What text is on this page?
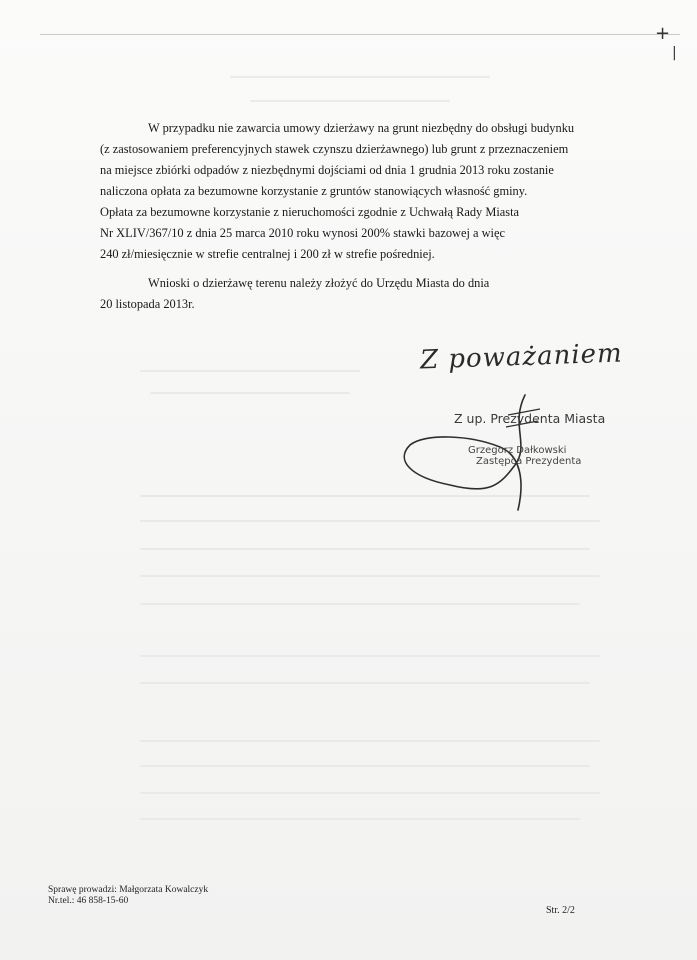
+
|
W przypadku nie zawarcia umowy dzierżawy na grunt niezbędny do obsługi budynku
(z zastosowaniem preferencyjnych stawek czynszu dzierżawnego) lub grunt z przeznaczeniem
na miejsce zbiórki odpadów z niezbędnymi dojściami od dnia 1 grudnia 2013 roku zostanie
naliczona opłata za bezumowne korzystanie z gruntów stanowiących własność gminy.
Opłata za bezumowne korzystanie z nieruchomości zgodnie z Uchwałą Rady Miasta
Nr XLIV/367/10 z dnia 25 marca 2010 roku wynosi 200% stawki bazowej a więc
240 zł/miesięcznie w strefie centralnej i 200 zł w strefie pośredniej.
Wnioski o dzierżawę terenu należy złożyć do Urzędu Miasta do dnia
20 listopada 2013r.
Z poważaniem
Z up. Prezydenta Miasta
Grzegorz Dałkowski
Zastępca Prezydenta
Sprawę prowadzi: Małgorzata Kowalczyk
Nr.tel.: 46 858-15-60
Str. 2/2
